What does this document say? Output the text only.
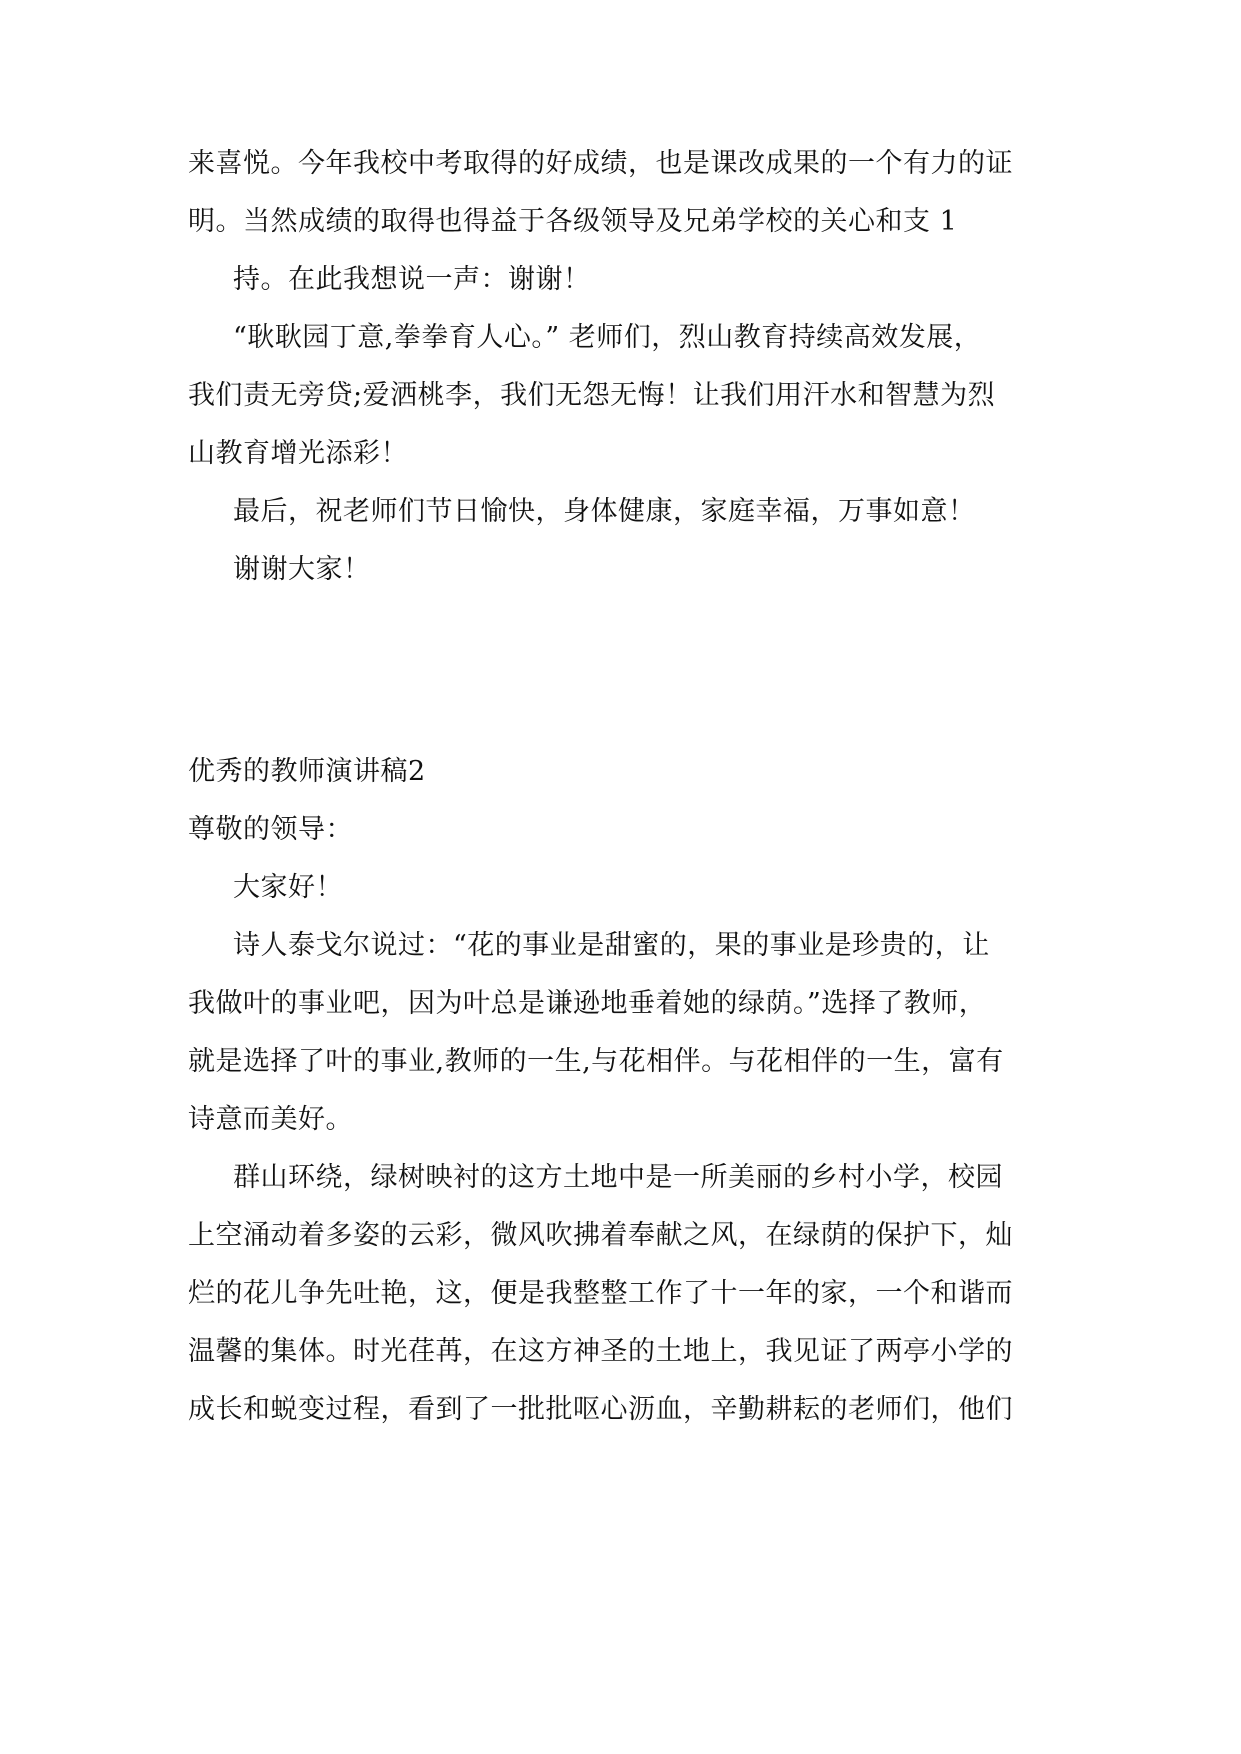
来喜悦。今年我校中考取得的好成绩，也是课改成果的一个有力的证
明。当然成绩的取得也得益于各级领导及兄弟学校的关心和支 1
持。在此我想说一声：谢谢！
“耿耿园丁意,拳拳育人心。” 老师们，烈山教育持续高效发展，
我们责无旁贷;爱洒桃李，我们无怨无悔！让我们用汗水和智慧为烈
山教育增光添彩！
最后，祝老师们节日愉快，身体健康，家庭幸福，万事如意！
谢谢大家！
优秀的教师演讲稿2
尊敬的领导：
大家好！
诗人泰戈尔说过：“花的事业是甜蜜的，果的事业是珍贵的，让
我做叶的事业吧，因为叶总是谦逊地垂着她的绿荫。”选择了教师，
就是选择了叶的事业,教师的一生,与花相伴。与花相伴的一生，富有
诗意而美好。
群山环绕，绿树映衬的这方土地中是一所美丽的乡村小学，校园
上空涌动着多姿的云彩，微风吹拂着奉献之风，在绿荫的保护下，灿
烂的花儿争先吐艳，这，便是我整整工作了十一年的家，一个和谐而
温馨的集体。时光荏苒，在这方神圣的土地上，我见证了两亭小学的
成长和蜕变过程，看到了一批批呕心沥血，辛勤耕耘的老师们，他们
